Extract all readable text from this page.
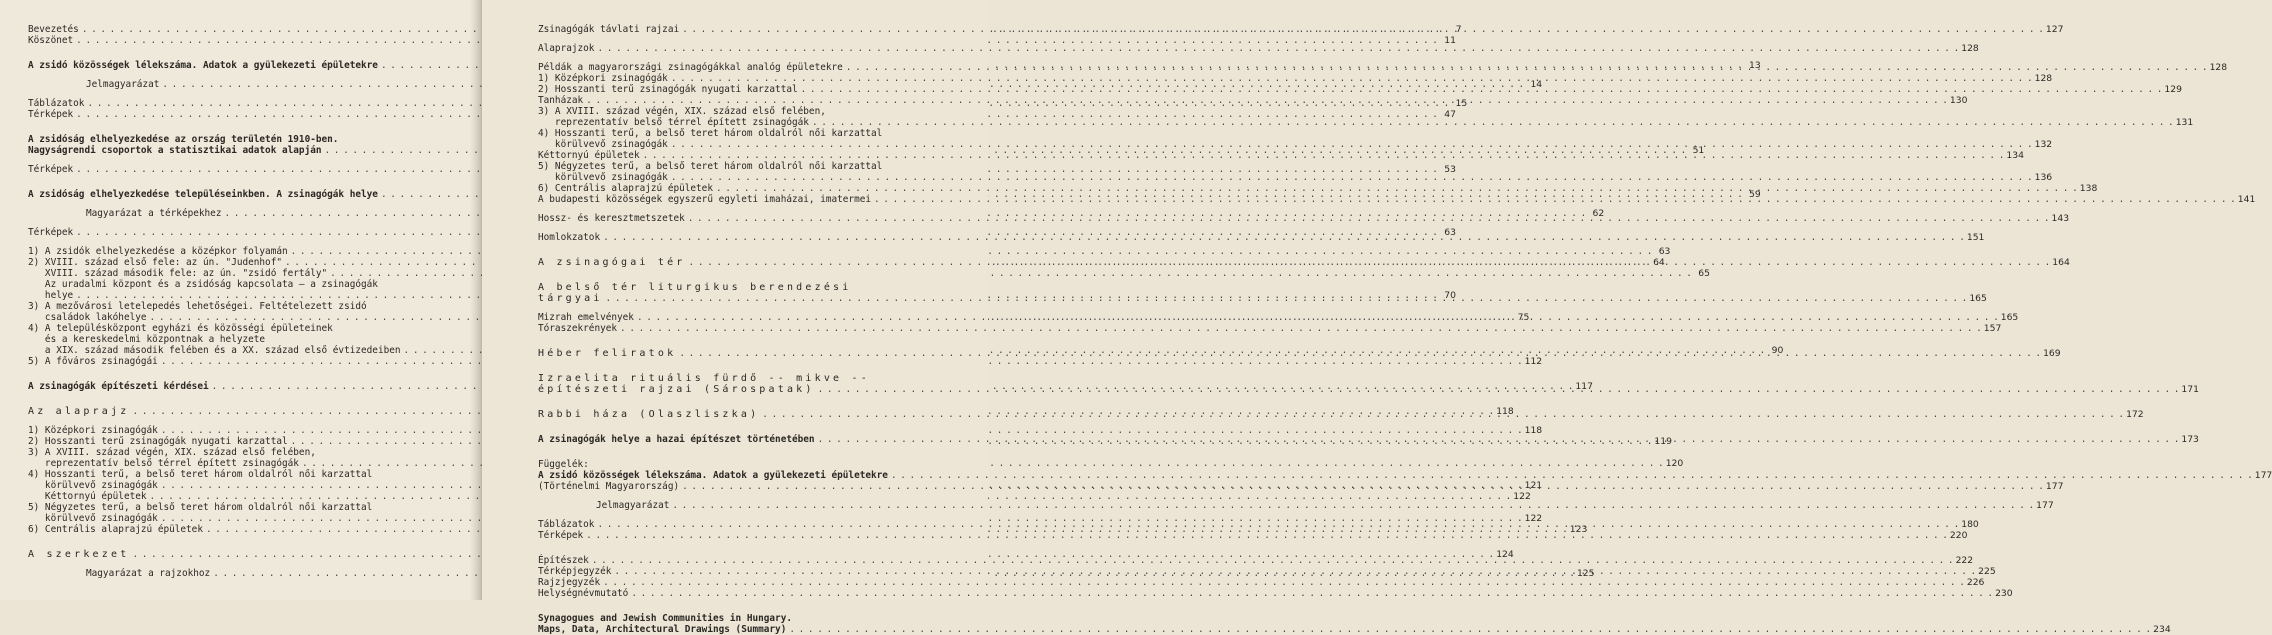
Bevezetés . . .	7
Köszönet . . .	11
A zsidó közösségek lélekszáma. Adatok a gyülekezeti épületekre . . .	13
Jelmagyarázat . . .	14
Táblázatok . . .	15
Térképek . . .	47
A zsidóság elhelyezkedése az ország területén 1910-ben.
Nagyságrendi csoportok a statisztikai adatok alapján . . .	51
Térképek . . .	53
A zsidóság elhelyezkedése településeinkben. A zsinagógák helye . . .	59
Magyarázat a térképekhez . . .	62
Térképek . . .	63
1) A zsidók elhelyezkedése a középkor folyamán . . .	63
2) XVIII. század első fele: az ún. "Judenhof" . . .	64
XVIII. század második fele: az ún. "zsidó fertály" . . .	65
Az uradalmi központ és a zsidóság kapcsolata — a zsinagógák
helye . . .	70
3) A mezővárosi letelepedés lehetőségei. Feltételezett zsidó
családok lakóhelye . . .	75
4) A településközpont egyházi és közösségi épületeinek
és a kereskedelmi központnak a helyzete
a XIX. század második felében és a XX. század első évtizedeiben . . .	90
5) A főváros zsinagógái . . .	112
A zsinagógák építészeti kérdései . . .	117
Az alaprajz . . .	118
1) Középkori zsinagógák . . .	118
2) Hosszanti terű zsinagógák nyugati karzattal . . .	119
3) A XVIII. század végén, XIX. század első felében,
reprezentatív belső térrel épített zsinagógák . . .	120
4) Hosszanti terű, a belső teret három oldalról női karzattal
körülvevő zsinagógák . . .	121
Kéttornyú épületek . . .	122
5) Négyzetes terű, a belső teret három oldalról női karzattal
körülvevő zsinagógák . . .	122
6) Centrális alaprajzú épületek . . .	123
A szerkezet . . .	124
Magyarázat a rajzokhoz . . .	125
Zsinagógák távlati rajzai . . .	127
Alaprajzok . . .	128
Példák a magyarországi zsinagógákkal analóg épületekre . . .	128
1) Középkori zsinagógák . . .	128
2) Hosszanti terű zsinagógák nyugati karzattal . . .	129
Tanházak . . .	130
3) A XVIII. század végén, XIX. század első felében,
reprezentatív belső térrel épített zsinagógák . . .	131
4) Hosszanti terű, a belső teret három oldalról női karzattal
körülvevő zsinagógák . . .	132
Kéttornyú épületek . . .	134
5) Négyzetes terű, a belső teret három oldalról női karzattal
körülvevő zsinagógák . . .	136
6) Centrális alaprajzú épületek . . .	138
A budapesti közösségek egyszerű egyleti imaházai, imatermei . . .	141
Hossz- és keresztmetszetek . . .	143
Homlokzatok . . .	151
A zsinagógai tér . . .	164
A belső tér liturgikus berendezési
tárgyai . . .	165
Mizrah emelvények . . .	165
Tóraszekrények . . .	157
Héber feliratok . . .	169
Izraelita rituális fürdő -- mikve --
építészeti rajzai (Sárospatak) . . .	171
Rabbi háza (Olaszliszka) . . .	172
A zsinagógák helye a hazai építészet történetében . . .	173
Függelék:
A zsidó közösségek lélekszáma. Adatok a gyülekezeti épületekre . . .	177
(Történelmi Magyarország) . . .	177
Jelmagyarázat . . .	177
Táblázatok . . .	180
Térképek . . .	220
Építészek . . .	222
Térképjegyzék . . .	225
Rajzjegyzék . . .	226
Helységnévmutató . . .	230
Synagogues and Jewish Communities in Hungary.
Maps, Data, Architectural Drawings (Summary) . . .	234
